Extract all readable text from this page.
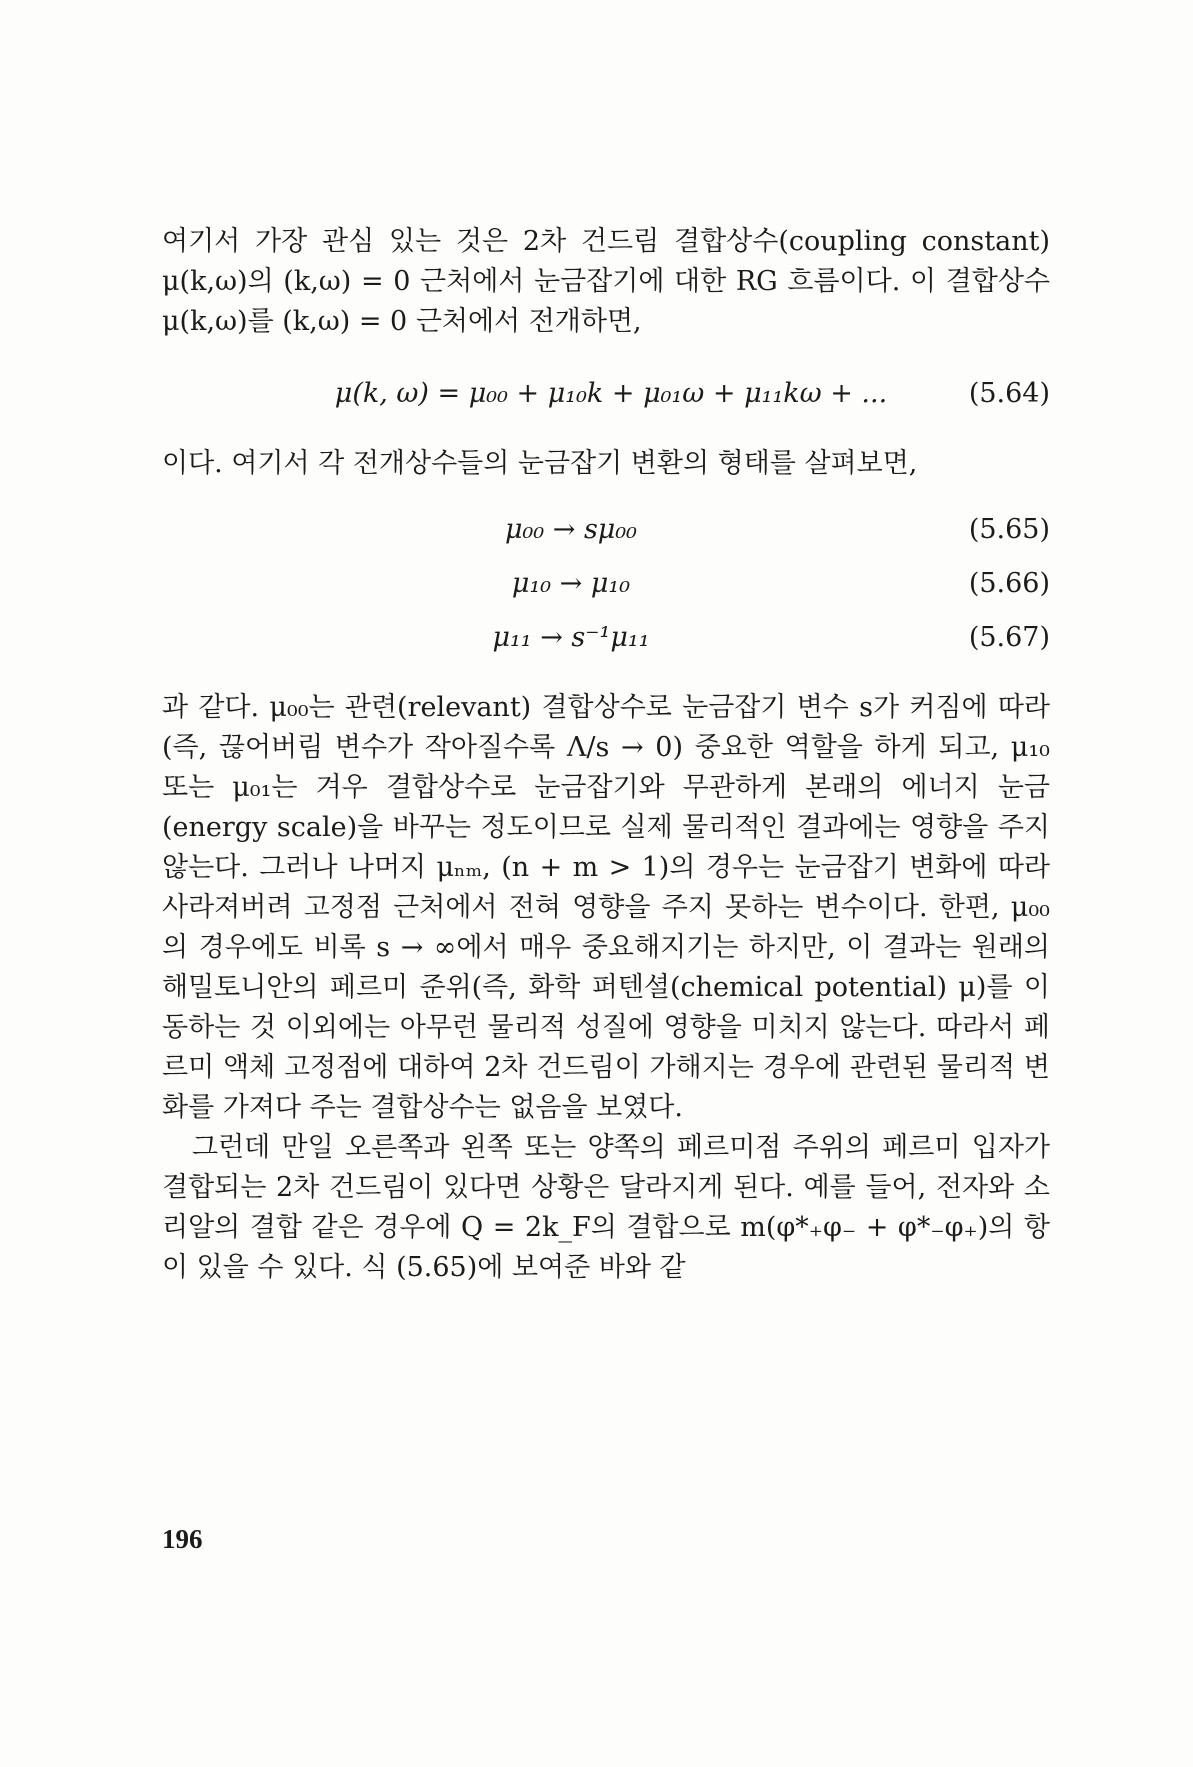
여기서 가장 관심 있는 것은 2차 건드림 결합상수(coupling constant) μ(k,ω)의 (k,ω) = 0 근처에서 눈금잡기에 대한 RG 흐름이다. 이 결합상수 μ(k,ω)를 (k,ω) = 0 근처에서 전개하면,

μ(k, ω) = μ₀₀ + μ₁₀k + μ₀₁ω + μ₁₁kω + ...	(5.64)

이다. 여기서 각 전개상수들의 눈금잡기 변환의 형태를 살펴보면,

μ₀₀ → sμ₀₀	(5.65)
μ₁₀ → μ₁₀	(5.66)
μ₁₁ → s⁻¹μ₁₁	(5.67)

과 같다. μ₀₀는 관련(relevant) 결합상수로 눈금잡기 변수 s가 커짐에 따라(즉, 끊어버림 변수가 작아질수록 Λ/s → 0) 중요한 역할을 하게 되고, μ₁₀ 또는 μ₀₁는 겨우 결합상수로 눈금잡기와 무관하게 본래의 에너지 눈금(energy scale)을 바꾸는 정도이므로 실제 물리적인 결과에는 영향을 주지 않는다. 그러나 나머지 μₙₘ, (n + m > 1)의 경우는 눈금잡기 변화에 따라 사라져버려 고정점 근처에서 전혀 영향을 주지 못하는 변수이다. 한편, μ₀₀의 경우에도 비록 s → ∞에서 매우 중요해지기는 하지만, 이 결과는 원래의 해밀토니안의 페르미 준위(즉, 화학 퍼텐셜(chemical potential) μ)를 이동하는 것 이외에는 아무런 물리적 성질에 영향을 미치지 않는다. 따라서 페르미 액체 고정점에 대하여 2차 건드림이 가해지는 경우에 관련된 물리적 변화를 가져다 주는 결합상수는 없음을 보였다.

그런데 만일 오른쪽과 왼쪽 또는 양쪽의 페르미점 주위의 페르미 입자가 결합되는 2차 건드림이 있다면 상황은 달라지게 된다. 예를 들어, 전자와 소리알의 결합 같은 경우에 Q = 2k_F의 결합으로 m(φ*₊φ₋ + φ*₋φ₊)의 항이 있을 수 있다. 식 (5.65)에 보여준 바와 같

196
